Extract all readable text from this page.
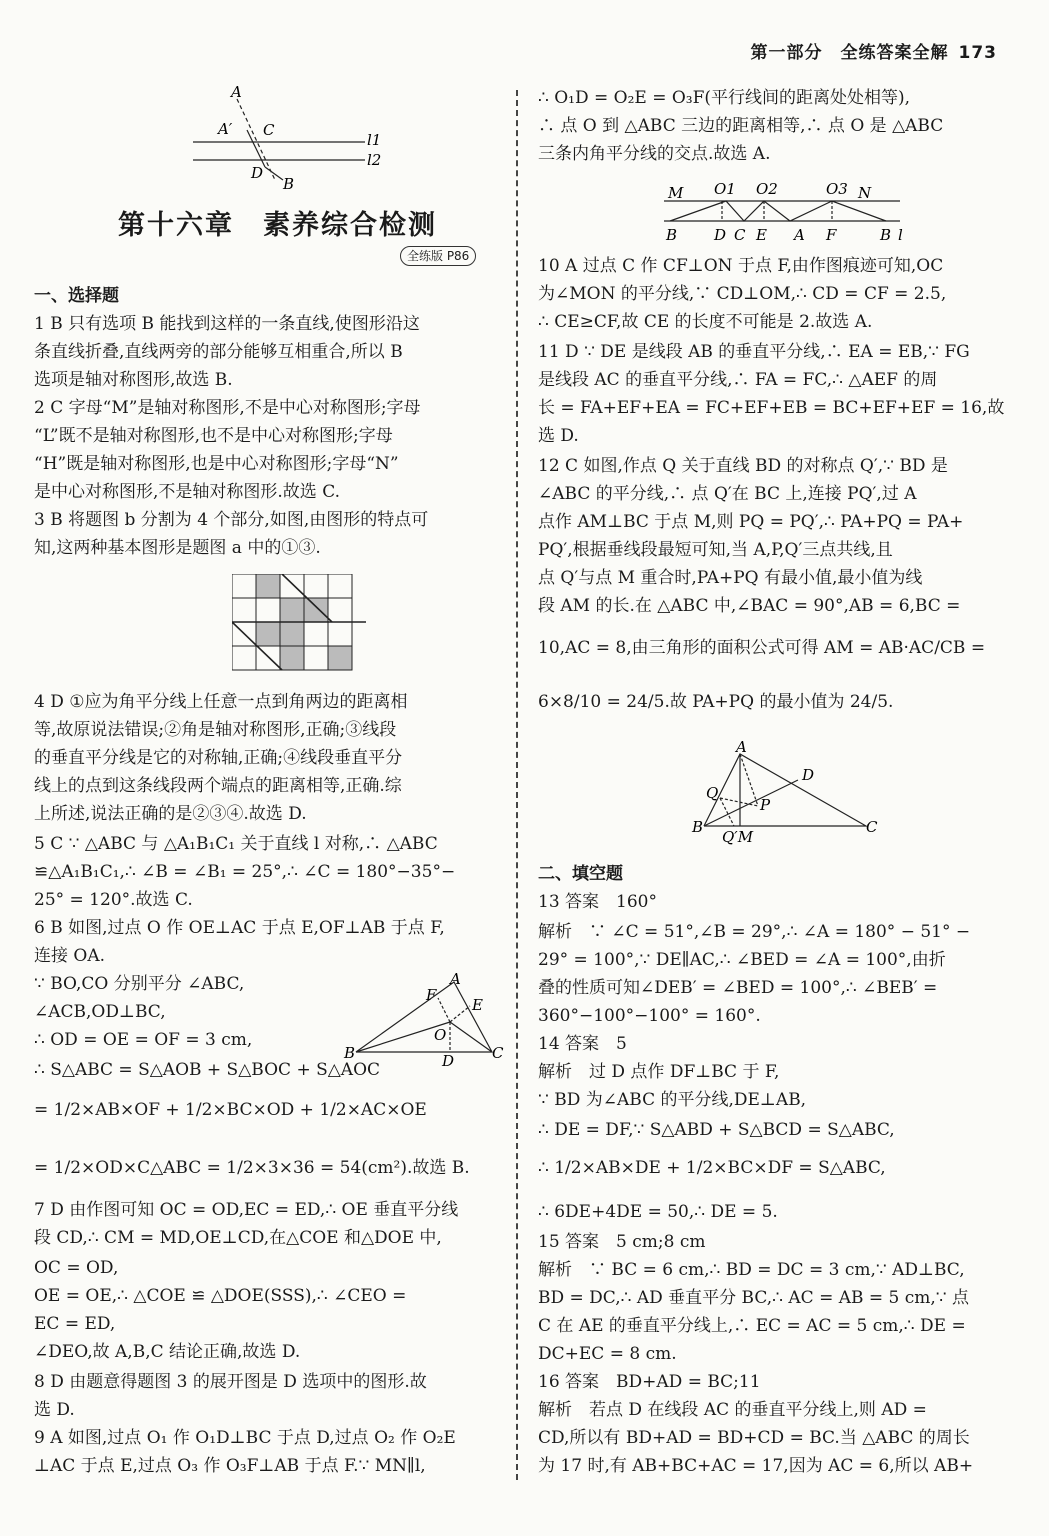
第一部分　全练答案全解 173
A
A′ C
D
B
l1
l2
第十六章　素养综合检测
全练版 P86
一、选择题
1 B 只有选项 B 能找到这样的一条直线,使图形沿这
条直线折叠,直线两旁的部分能够互相重合,所以 B
选项是轴对称图形,故选 B.
2 C 字母“M”是轴对称图形,不是中心对称图形;字母
“L”既不是轴对称图形,也不是中心对称图形;字母
“H”既是轴对称图形,也是中心对称图形;字母“N”
是中心对称图形,不是轴对称图形.故选 C.
3 B 将题图 b 分割为 4 个部分,如图,由图形的特点可
知,这两种基本图形是题图 a 中的①③.
4 D ①应为角平分线上任意一点到角两边的距离相
等,故原说法错误;②角是轴对称图形,正确;③线段
的垂直平分线是它的对称轴,正确;④线段垂直平分
线上的点到这条线段两个端点的距离相等,正确.综
上所述,说法正确的是②③④.故选 D.
5 C ∵ △ABC 与 △A₁B₁C₁ 关于直线 l 对称,∴ △ABC
≌△A₁B₁C₁,∴ ∠B = ∠B₁ = 25°,∴ ∠C = 180°−35°−
25° = 120°.故选 C.
6 B 如图,过点 O 作 OE⊥AC 于点 E,OF⊥AB 于点 F,
连接 OA.
∵ BO,CO 分别平分 ∠ABC,
∠ACB,OD⊥BC,
∴ OD = OE = OF = 3 cm,
∴ S△ABC = S△AOB + S△BOC + S△AOC
= 1/2×AB×OF + 1/2×BC×OD + 1/2×AC×OE
= 1/2×OD×C△ABC = 1/2×3×36 = 54(cm²).故选 B.
7 D 由作图可知 OC = OD,EC = ED,∴ OE 垂直平分线
段 CD,∴ CM = MD,OE⊥CD,在△COE 和△DOE 中,
OC = OD,
OE = OE,∴ △COE ≌ △DOE(SSS),∴ ∠CEO =
EC = ED,
∠DEO,故 A,B,C 结论正确,故选 D.
8 D 由题意得题图 3 的展开图是 D 选项中的图形.故
选 D.
9 A 如图,过点 O₁ 作 O₁D⊥BC 于点 D,过点 O₂ 作 O₂E
⊥AC 于点 E,过点 O₃ 作 O₃F⊥AB 于点 F.∵ MN∥l,
A
F
E
O
B	D	C
∴ O₁D = O₂E = O₃F(平行线间的距离处处相等),
∴ 点 O 到 △ABC 三边的距离相等,∴ 点 O 是 △ABC
三条内角平分线的交点.故选 A.
10 A 过点 C 作 CF⊥ON 于点 F,由作图痕迹可知,OC
为∠MON 的平分线,∵ CD⊥OM,∴ CD = CF = 2.5,
∴ CE≥CF,故 CE 的长度不可能是 2.故选 A.
11 D ∵ DE 是线段 AB 的垂直平分线,∴ EA = EB,∵ FG
是线段 AC 的垂直平分线,∴ FA = FC,∴ △AEF 的周
长 = FA+EF+EA = FC+EF+EB = BC+EF+EF = 16,故
选 D.
12 C 如图,作点 Q 关于直线 BD 的对称点 Q′,∵ BD 是
∠ABC 的平分线,∴ 点 Q′在 BC 上,连接 PQ′,过 A
点作 AM⊥BC 于点 M,则 PQ = PQ′,∴ PA+PQ = PA+
PQ′,根据垂线段最短可知,当 A,P,Q′三点共线,且
点 Q′与点 M 重合时,PA+PQ 有最小值,最小值为线
段 AM 的长.在 △ABC 中,∠BAC = 90°,AB = 6,BC =
10,AC = 8,由三角形的面积公式可得 AM = AB·AC/CB =
6×8/10 = 24/5.故 PA+PQ 的最小值为 24/5.
二、填空题
13 答案　160°
解析　∵ ∠C = 51°,∠B = 29°,∴ ∠A = 180° − 51° −
29° = 100°,∵ DE∥AC,∴ ∠BED = ∠A = 100°,由折
叠的性质可知∠DEB′ = ∠BED = 100°,∴ ∠BEB′ =
360°−100°−100° = 160°.
14 答案　5
解析　过 D 点作 DF⊥BC 于 F,
∵ BD 为∠ABC 的平分线,DE⊥AB,
∴ DE = DF,∵ S△ABD + S△BCD = S△ABC,
∴ 1/2×AB×DE + 1/2×BC×DF = S△ABC,
∴ 6DE+4DE = 50,∴ DE = 5.
15 答案　5 cm;8 cm
解析　∵ BC = 6 cm,∴ BD = DC = 3 cm,∵ AD⊥BC,
BD = DC,∴ AD 垂直平分 BC,∴ AC = AB = 5 cm,∵ 点
C 在 AE 的垂直平分线上,∴ EC = AC = 5 cm,∴ DE =
DC+EC = 8 cm.
16 答案　BD+AD = BC;11
解析　若点 D 在线段 AC 的垂直平分线上,则 AD =
CD,所以有 BD+AD = BD+CD = BC.当 △ABC 的周长
为 17 时,有 AB+BC+AC = 17,因为 AC = 6,所以 AB+
M O1 O2	O3 N
B D C E A F	B l
A
D
Q
P
B
Q′M
C
